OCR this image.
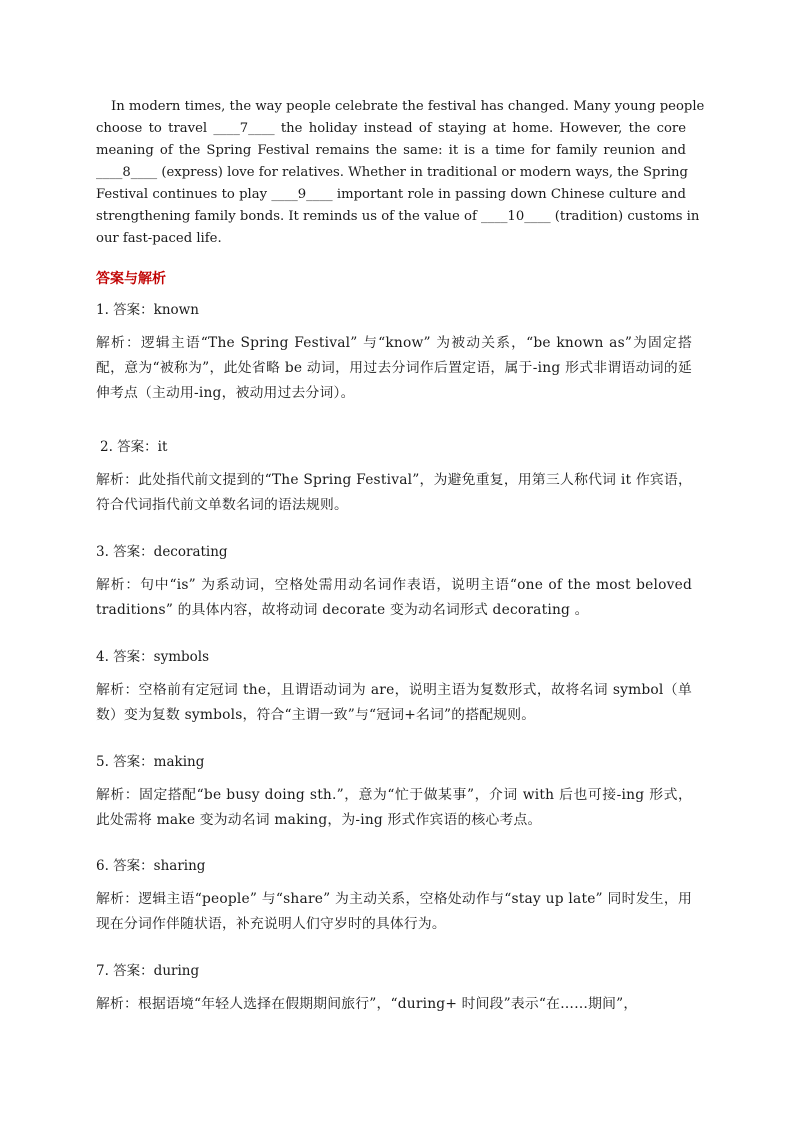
In modern times, the way people celebrate the festival has changed. Many young people
choose to travel ____7____ the holiday instead of staying at home. However, the core
meaning of the Spring Festival remains the same: it is a time for family reunion and
____8____ (express) love for relatives. Whether in traditional or modern ways, the Spring
Festival continues to play ____9____ important role in passing down Chinese culture and
strengthening family bonds. It reminds us of the value of ____10____ (tradition) customs in
our fast-paced life.

答案与解析

1. 答案：known

解析：逻辑主语“The Spring Festival” 与“know” 为被动关系，“be known as”为固定搭配，意为“被称为”，此处省略 be 动词，用过去分词作后置定语，属于-ing 形式非谓语动词的延伸考点（主动用-ing，被动用过去分词）。

2. 答案：it

解析：此处指代前文提到的“The Spring Festival”，为避免重复，用第三人称代词 it 作宾语，符合代词指代前文单数名词的语法规则。

3. 答案：decorating

解析：句中“is” 为系动词，空格处需用动名词作表语，说明主语“one of the most beloved traditions” 的具体内容，故将动词 decorate 变为动名词形式 decorating 。

4. 答案：symbols

解析：空格前有定冠词 the，且谓语动词为 are，说明主语为复数形式，故将名词 symbol（单数）变为复数 symbols，符合“主谓一致”与“冠词+名词”的搭配规则。

5. 答案：making

解析：固定搭配“be busy doing sth.”，意为“忙于做某事”，介词 with 后也可接-ing 形式，此处需将 make 变为动名词 making，为-ing 形式作宾语的核心考点。

6. 答案：sharing

解析：逻辑主语“people” 与“share” 为主动关系，空格处动作与“stay up late” 同时发生，用现在分词作伴随状语，补充说明人们守岁时的具体行为。

7. 答案：during

解析：根据语境“年轻人选择在假期期间旅行”，“during+ 时间段”表示“在……期间”，
